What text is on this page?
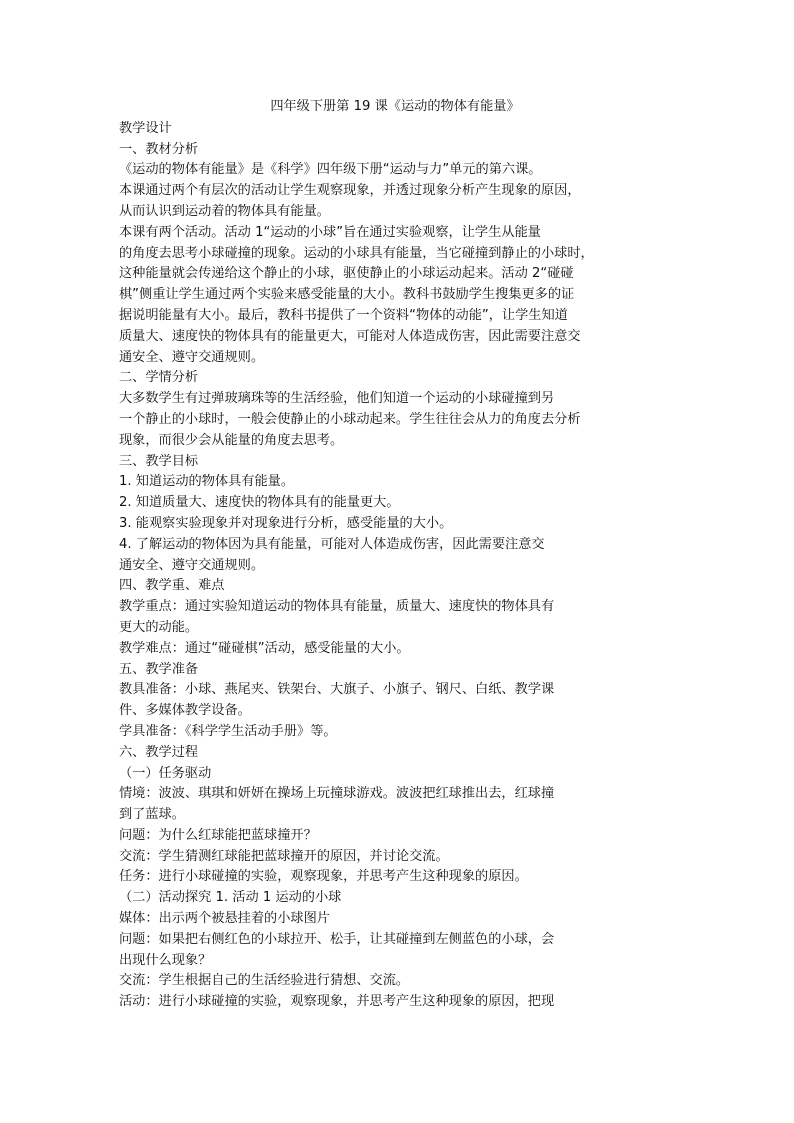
四年级下册第 19 课《运动的物体有能量》
教学设计
一、教材分析
《运动的物体有能量》是《科学》四年级下册“运动与力”单元的第六课。
本课通过两个有层次的活动让学生观察现象，并透过现象分析产生现象的原因，
从而认识到运动着的物体具有能量。
本课有两个活动。活动 1“运动的小球”旨在通过实验观察，让学生从能量
的角度去思考小球碰撞的现象。运动的小球具有能量，当它碰撞到静止的小球时，
这种能量就会传递给这个静止的小球，驱使静止的小球运动起来。活动 2“碰碰
棋”侧重让学生通过两个实验来感受能量的大小。教科书鼓励学生搜集更多的证
据说明能量有大小。最后，教科书提供了一个资料“物体的动能”，让学生知道
质量大、速度快的物体具有的能量更大，可能对人体造成伤害，因此需要注意交
通安全、遵守交通规则。
二、学情分析
大多数学生有过弹玻璃珠等的生活经验，他们知道一个运动的小球碰撞到另
一个静止的小球时，一般会使静止的小球动起来。学生往往会从力的角度去分析
现象，而很少会从能量的角度去思考。
三、教学目标
1. 知道运动的物体具有能量。
2. 知道质量大、速度快的物体具有的能量更大。
3. 能观察实验现象并对现象进行分析，感受能量的大小。
4. 了解运动的物体因为具有能量，可能对人体造成伤害，因此需要注意交
通安全、遵守交通规则。
四、教学重、难点
教学重点：通过实验知道运动的物体具有能量，质量大、速度快的物体具有
更大的动能。
教学难点：通过“碰碰棋”活动，感受能量的大小。
五、教学准备
教具准备：小球、燕尾夹、铁架台、大旗子、小旗子、钢尺、白纸、教学课
件、多媒体教学设备。
学具准备：《科学学生活动手册》等。
六、教学过程
（一）任务驱动
情境：波波、琪琪和妍妍在操场上玩撞球游戏。波波把红球推出去，红球撞
到了蓝球。
问题：为什么红球能把蓝球撞开？
交流：学生猜测红球能把蓝球撞开的原因，并讨论交流。
任务：进行小球碰撞的实验，观察现象，并思考产生这种现象的原因。
（二）活动探究 1. 活动 1 运动的小球
媒体：出示两个被悬挂着的小球图片
问题：如果把右侧红色的小球拉开、松手，让其碰撞到左侧蓝色的小球，会
出现什么现象？
交流：学生根据自己的生活经验进行猜想、交流。
活动：进行小球碰撞的实验，观察现象，并思考产生这种现象的原因，把现
